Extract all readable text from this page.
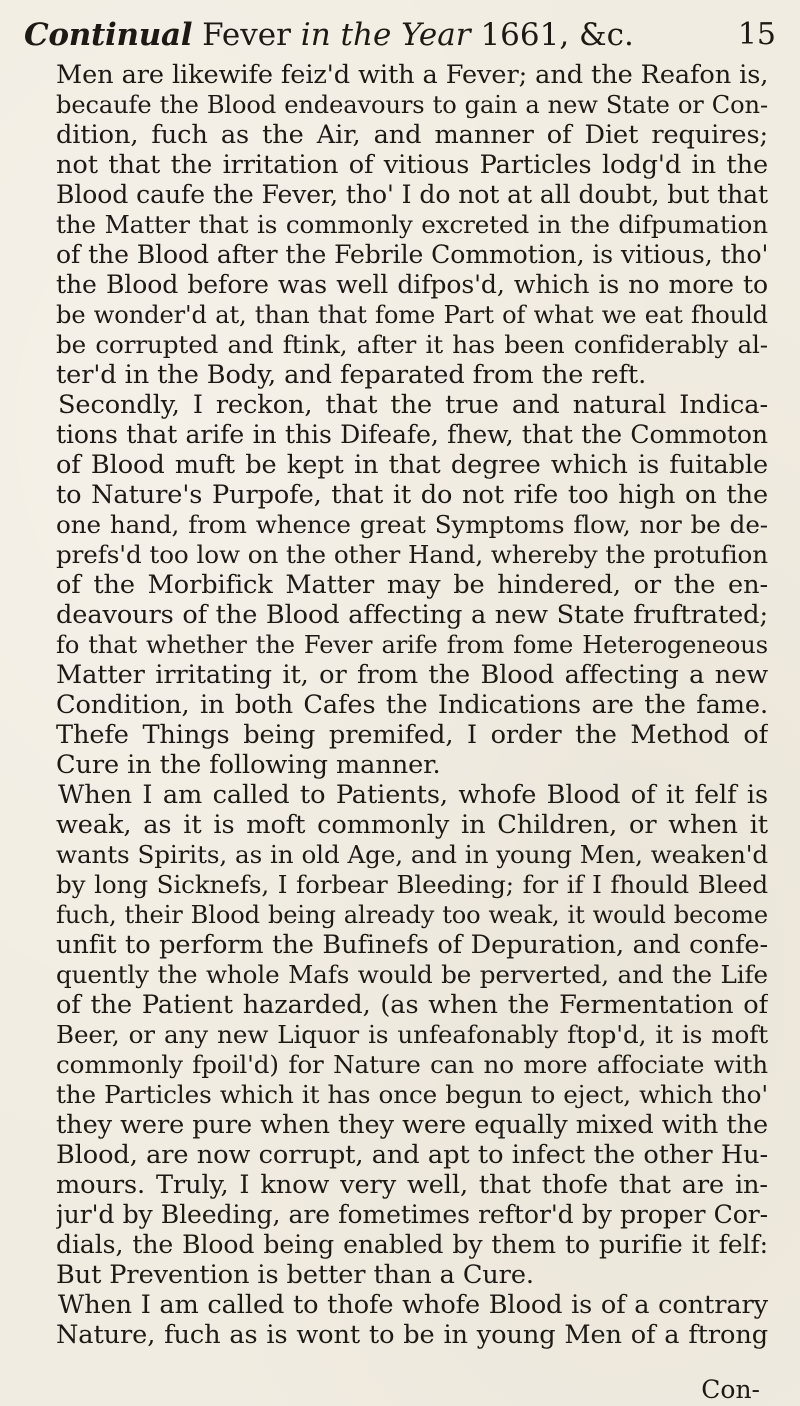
Continual Fever in the Year 1661, &c.	15
Men are likewife feiz'd with a Fever; and the Reafon is,
becaufe the Blood endeavours to gain a new State or Con-
dition, fuch as the Air, and manner of Diet requires;
not that the irritation of vitious Particles lodg'd in the
Blood caufe the Fever, tho' I do not at all doubt, but that
the Matter that is commonly excreted in the difpumation
of the Blood after the Febrile Commotion, is vitious, tho'
the Blood before was well difpos'd, which is no more to
be wonder'd at, than that fome Part of what we eat fhould
be corrupted and ftink, after it has been confiderably al-
ter'd in the Body, and feparated from the reft.
Secondly, I reckon, that the true and natural Indica-
tions that arife in this Difeafe, fhew, that the Commoton
of Blood muft be kept in that degree which is fuitable
to Nature's Purpofe, that it do not rife too high on the
one hand, from whence great Symptoms flow, nor be de-
prefs'd too low on the other Hand, whereby the protufion
of the Morbifick Matter may be hindered, or the en-
deavours of the Blood affecting a new State fruftrated;
fo that whether the Fever arife from fome Heterogeneous
Matter irritating it, or from the Blood affecting a new
Condition, in both Cafes the Indications are the fame.
Thefe Things being premifed, I order the Method of
Cure in the following manner.
When I am called to Patients, whofe Blood of it felf is
weak, as it is moft commonly in Children, or when it
wants Spirits, as in old Age, and in young Men, weaken'd
by long Sicknefs, I forbear Bleeding; for if I fhould Bleed
fuch, their Blood being already too weak, it would become
unfit to perform the Bufinefs of Depuration, and confe-
quently the whole Mafs would be perverted, and the Life
of the Patient hazarded, (as when the Fermentation of
Beer, or any new Liquor is unfeafonably ftop'd, it is moft
commonly fpoil'd) for Nature can no more affociate with
the Particles which it has once begun to eject, which tho'
they were pure when they were equally mixed with the
Blood, are now corrupt, and apt to infect the other Hu-
mours. Truly, I know very well, that thofe that are in-
jur'd by Bleeding, are fometimes reftor'd by proper Cor-
dials, the Blood being enabled by them to purifie it felf:
But Prevention is better than a Cure.
When I am called to thofe whofe Blood is of a contrary
Nature, fuch as is wont to be in young Men of a ftrong
Con-
